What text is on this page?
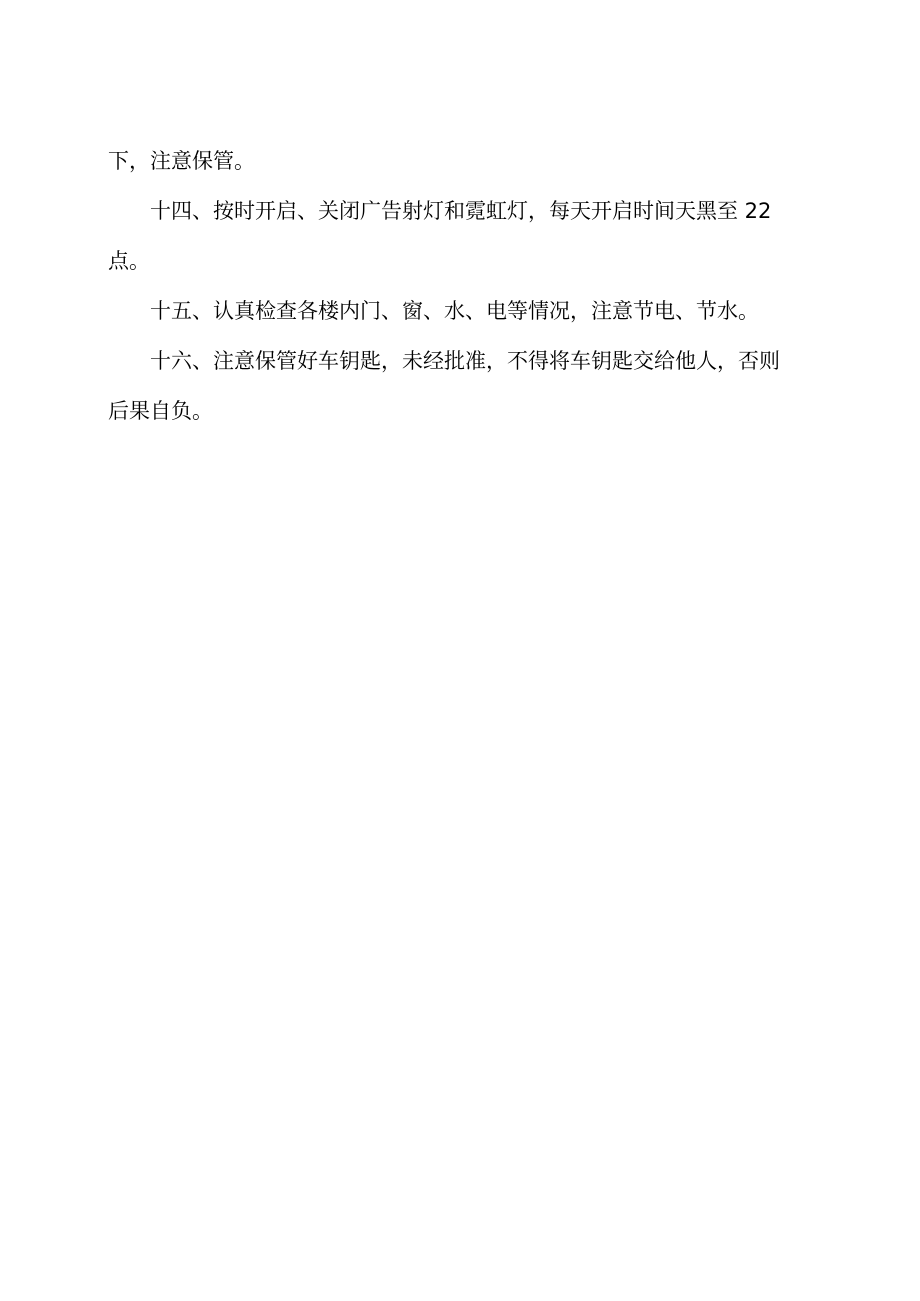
下，注意保管。

十四、按时开启、关闭广告射灯和霓虹灯，每天开启时间天黑至 22
点。

十五、认真检查各楼内门、窗、水、电等情况，注意节电、节水。

十六、注意保管好车钥匙，未经批准，不得将车钥匙交给他人，否则
后果自负。
